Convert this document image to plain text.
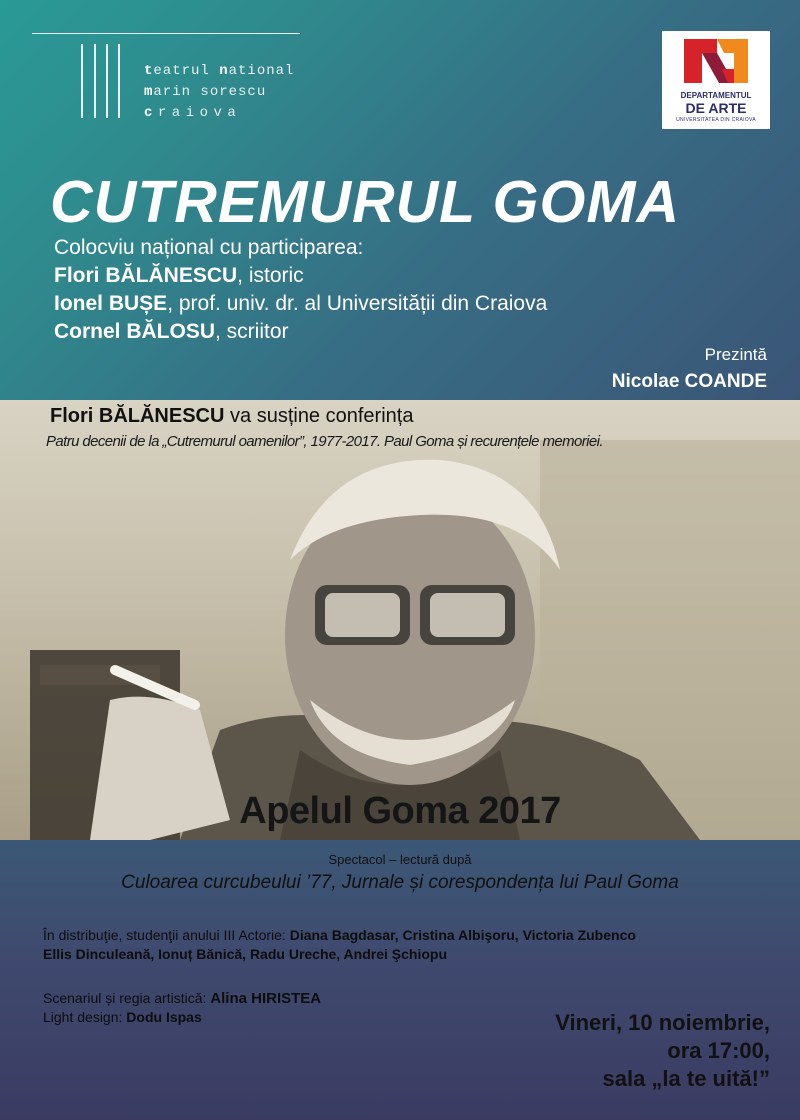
teatrul national
marin sorescu
craiova
DEPARTAMENTUL
DE ARTE
UNIVERSITATEA DIN CRAIOVA
CUTREMURUL GOMA
Colocviu național cu participarea:
Flori BĂLĂNESCU, istoric
Ionel BUȘE, prof. univ. dr. al Universității din Craiova
Cornel BĂLOSU, scriitor
Prezintă
Nicolae COANDE
Flori BĂLĂNESCU va susține conferința
Patru decenii de la „Cutremurul oamenilor”, 1977-2017. Paul Goma și recurențele memoriei.
Apelul Goma 2017
Spectacol – lectură după
Culoarea curcubeului ’77, Jurnale și corespondența lui Paul Goma
În distribuţie, studenţii anului III Actorie: Diana Bagdasar, Cristina Albişoru, Victoria Zubenco
Ellis Dinculeană, Ionuț Bănică, Radu Ureche, Andrei Şchiopu
Scenariul și regia artistică: Alina HIRISTEA
Light design: Dodu Ispas	Vineri, 10 noiembrie,
ora 17:00,
sala „la te uită!”
